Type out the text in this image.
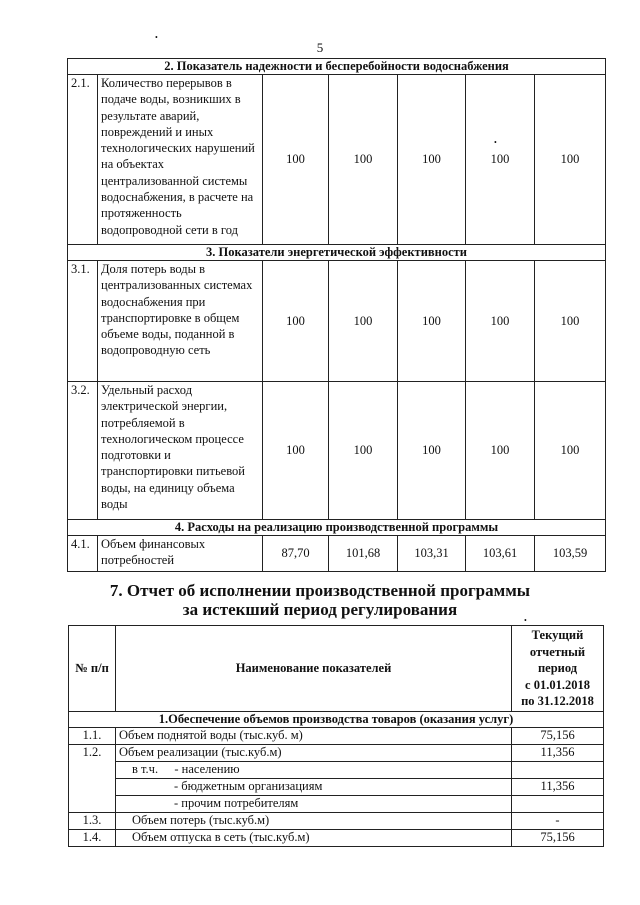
5
2. Показатель надежности и бесперебойности водоснабжения						
2.1.	Количество перерывов в подаче воды, возникших в результате аварий, повреждений и иных технологических нарушений на объектах централизованной системы водоснабжения, в расчете на протяженность водопроводной сети в год	100	100	100	100	100
3. Показатели энергетической эффективности						
3.1.	Доля потерь воды в централизованных системах водоснабжения при транспортировке в общем объеме воды, поданной в водопроводную сеть	100	100	100	100	100
3.2.	Удельный расход электрической энергии, потребляемой в технологическом процессе подготовки и транспортировки питьевой воды, на единицу объема воды	100	100	100	100	100
4. Расходы на реализацию производственной программы						
4.1.	Объем финансовых потребностей	87,70	101,68	103,31	103,61	103,59
7. Отчет об исполнении производственной программы
за истекший период регулирования
№ п/п	Наименование показателей	Текущий
отчетный
период
с 01.01.2018
по 31.12.2018

1.Обеспечение объемов производства товаров (оказания услуг)		
1.1.	Объем поднятой воды (тыс.куб. м)	75,156
1.2.	Объем реализации (тыс.куб.м)	11,356
	в т.ч. - населению	
	- бюджетным организациям	11,356
	- прочим потребителям	
1.3.	Объем потерь (тыс.куб.м)	-
1.4.	Объем отпуска в сеть (тыс.куб.м)	75,156
•
•
•
